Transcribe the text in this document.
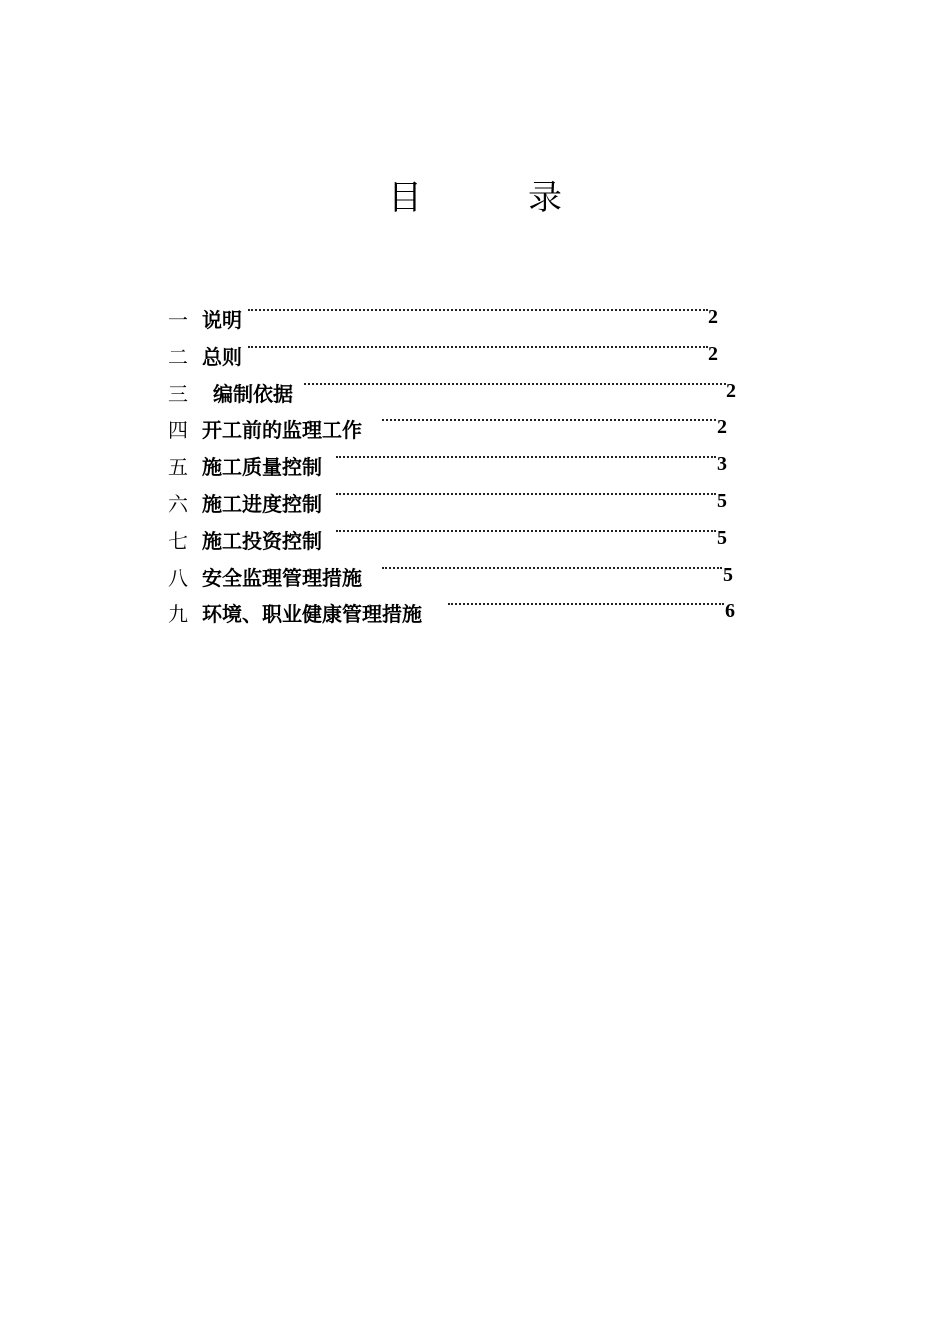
目　录
一 说明	2
二 总则	2
三 编制依据	2
四 开工前的监理工作	2
五 施工质量控制	3
六 施工进度控制	5
七 施工投资控制	5
八 安全监理管理措施	5
九 环境、职业健康管理措施	6
